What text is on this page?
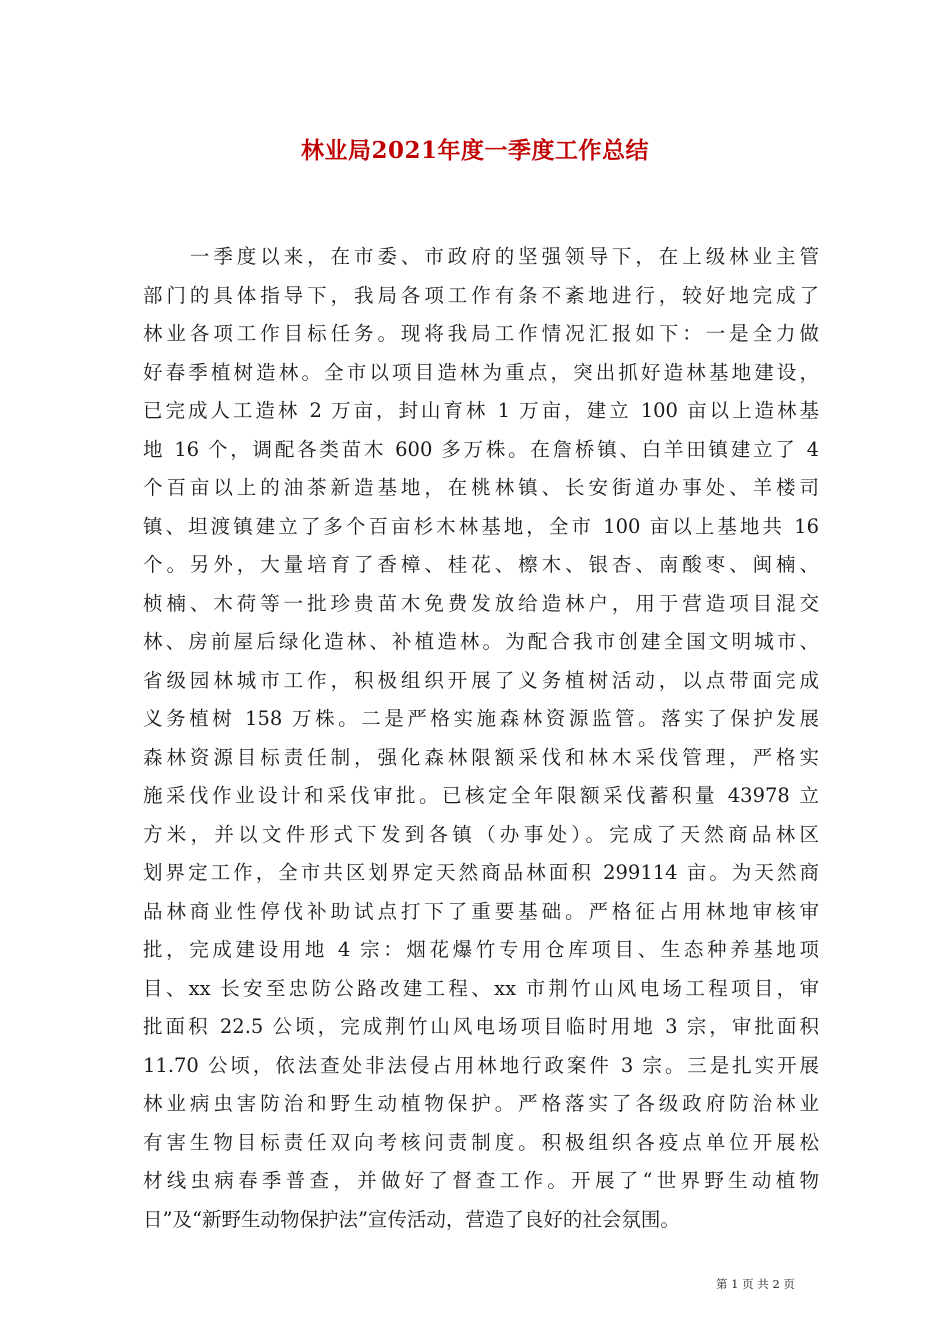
林业局2021年度一季度工作总结
　　一季度以来，在市委、市政府的坚强领导下，在上级林业主管
部门的具体指导下，我局各项工作有条不紊地进行，较好地完成了
林业各项工作目标任务。现将我局工作情况汇报如下：一是全力做
好春季植树造林。全市以项目造林为重点，突出抓好造林基地建设，
已完成人工造林 2 万亩，封山育林 1 万亩，建立 100 亩以上造林基
地 16 个，调配各类苗木 600 多万株。在詹桥镇、白羊田镇建立了 4
个百亩以上的油茶新造基地，在桃林镇、长安街道办事处、羊楼司
镇、坦渡镇建立了多个百亩杉木林基地，全市 100 亩以上基地共 16
个。另外，大量培育了香樟、桂花、檫木、银杏、南酸枣、闽楠、
桢楠、木荷等一批珍贵苗木免费发放给造林户，用于营造项目混交
林、房前屋后绿化造林、补植造林。为配合我市创建全国文明城市、
省级园林城市工作，积极组织开展了义务植树活动，以点带面完成
义务植树 158 万株。二是严格实施森林资源监管。落实了保护发展
森林资源目标责任制，强化森林限额采伐和林木采伐管理，严格实
施采伐作业设计和采伐审批。已核定全年限额采伐蓄积量 43978 立
方米，并以文件形式下发到各镇（办事处）。完成了天然商品林区
划界定工作，全市共区划界定天然商品林面积 299114 亩。为天然商
品林商业性停伐补助试点打下了重要基础。严格征占用林地审核审
批，完成建设用地 4 宗：烟花爆竹专用仓库项目、生态种养基地项
目、xx 长安至忠防公路改建工程、xx 市荆竹山风电场工程项目，审
批面积 22.5 公顷，完成荆竹山风电场项目临时用地 3 宗，审批面积
11.70 公顷，依法查处非法侵占用林地行政案件 3 宗。三是扎实开展
林业病虫害防治和野生动植物保护。严格落实了各级政府防治林业
有害生物目标责任双向考核问责制度。积极组织各疫点单位开展松
材线虫病春季普查，并做好了督查工作。开展了“世界野生动植物
日”及“新野生动物保护法”宣传活动，营造了良好的社会氛围。
第 1 页 共 2 页
